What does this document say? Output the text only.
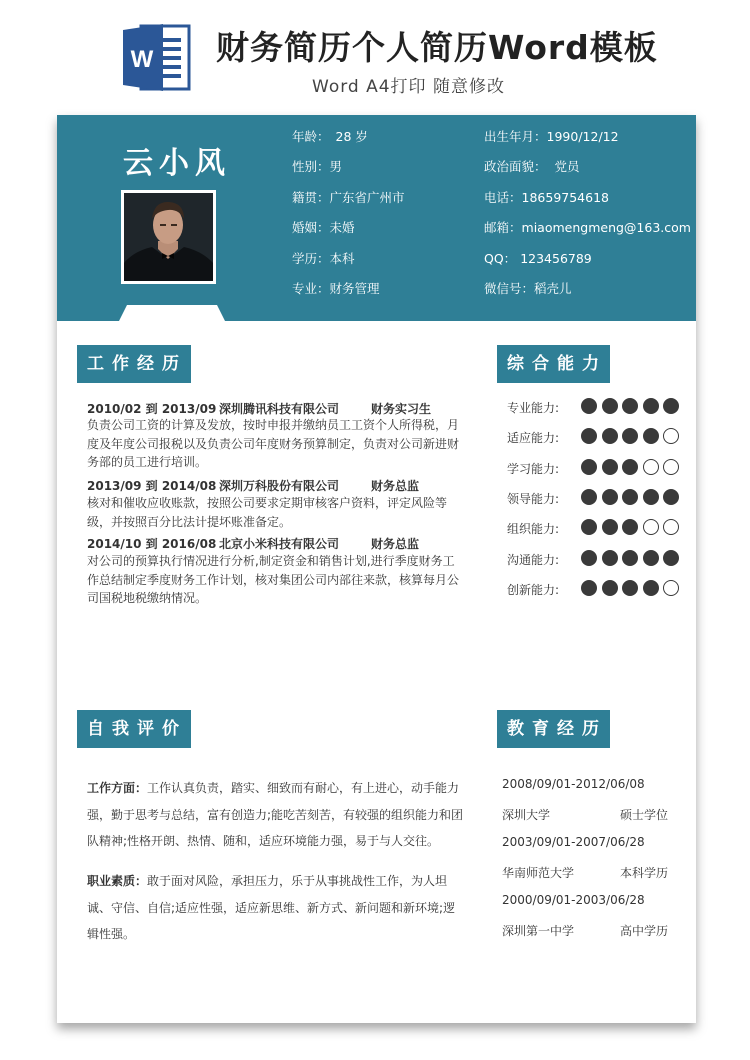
W 财务简历个人简历Word模板
Word A4打印 随意修改
云小风
年龄： 28 岁
性别：男
籍贯：广东省广州市
婚姻：未婚
学历：本科
专业：财务管理
出生年月：1990/12/12
政治面貌： 党员
电话：18659754618
邮箱：miaomengmeng@163.com
QQ： 123456789
微信号：稻壳儿
工作经历
2010/02 到 2013/09 深圳腾讯科技有限公司	财务实习生
负责公司工资的计算及发放，按时申报并缴纳员工工资个人所得税，月度及年度公司报税以及负责公司年度财务预算制定，负责对公司新进财务部的员工进行培训。
2013/09 到 2014/08 深圳万科股份有限公司	财务总监
核对和催收应收账款，按照公司要求定期审核客户资料，评定风险等级，并按照百分比法计提坏账准备定。
2014/10 到 2016/08 北京小米科技有限公司	财务总监
对公司的预算执行情况进行分析,制定资金和销售计划,进行季度财务工作总结制定季度财务工作计划，核对集团公司内部往来款，核算每月公司国税地税缴纳情况。
综合能力
专业能力:
适应能力:
学习能力:
领导能力:
组织能力:
沟通能力:
创新能力:
自我评价
工作方面：工作认真负责，踏实、细致而有耐心，有上进心，动手能力强，勤于思考与总结，富有创造力;能吃苦刻苦，有较强的组织能力和团队精神;性格开朗、热情、随和，适应环境能力强，易于与人交往。
职业素质：敢于面对风险，承担压力，乐于从事挑战性工作，为人坦诚、守信、自信;适应性强，适应新思维、新方式、新问题和新环境;逻辑性强。
教育经历
2008/09/01-2012/06/08
深圳大学	硕士学位
2003/09/01-2007/06/28
华南师范大学	本科学历
2000/09/01-2003/06/28
深圳第一中学	高中学历
